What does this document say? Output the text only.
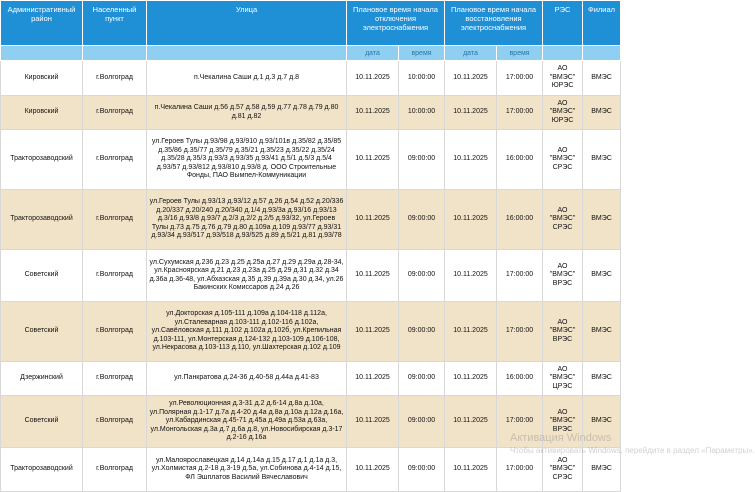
Административный район	Населенный пункт	Улица	Плановое время начала отключения электроснабжения		Плановое время начала восстановления электроснабжения		РЭС	Филиал
			дата	время	дата	время		
Кировский	г.Волгоград	п.Чекалина Саши д.1 д.3 д.7 д.8	10.11.2025	10:00:00	10.11.2025	17:00:00	АО "ВМЭС" ЮРЭС	ВМЭС
Кировский	г.Волгоград	п.Чекалина Саши д.56 д.57 д.58 д.59 д.77 д.78 д.79 д.80 д.81 д.82	10.11.2025	10:00:00	10.11.2025	17:00:00	АО "ВМЭС" ЮРЭС	ВМЭС
Тракторозаводский	г.Волгоград	ул.Героев Тулы д.93/98 д.93/910 д.93/101в д.35/82 д.35/85 д.35/86 д.35/77 д.35/79 д.35/21 д.35/23 д.35/22 д.35/24 д.35/28 д.35/3 д.93/3 д.93/35 д.93/41 д.5/1 д.5/3 д.5/4 д.93/57 д.93/812 д.93/810 д.93/8 д. ООО Строительные Фонды, ПАО Вымпел-Коммуникации	10.11.2025	09:00:00	10.11.2025	16:00:00	АО "ВМЭС" СРЭС	ВМЭС
Тракторозаводский	г.Волгоград	ул.Героев Тулы д.93/13 д.93/12 д.57 д.26 д.54 д.52 д.20/336 д.20/337 д.20/240 д.20/340 д.1/4 д.93/3а д.93/16 д.93/13 д.3/16 д.93/8 д.93/7 д.2/3 д.2/2 д.2/5 д.93/32, ул.Героев Тулы д.73 д.75 д.76 д.79 д.80 д.109а д.109 д.93/77 д.93/31 д.93/34 д.93/517 д.93/518 д.93/525 д.89 д.5/21 д.81 д.93/78	10.11.2025	09:00:00	10.11.2025	16:00:00	АО "ВМЭС" СРЭС	ВМЭС
Советский	г.Волгоград	ул.Сухумская д.236 д.23 д.25 д.25а д.27 д.29 д.29а д.28-34, ул.Красноярская д.21 д.23 д.23а д.25 д.29 д.31 д.32 д.34 д.36а д.36-48, ул.Абхазская д.35 д.39 д.39а д.30 д.34, ул.26 Бакинских Комиссаров д.24 д.26	10.11.2025	09:00:00	10.11.2025	17:00:00	АО "ВМЭС" ВРЭС	ВМЭС
Советский	г.Волгоград	ул.Докторская д.105-111 д.109а д.104-118 д.112а, ул.Сталеварная д.103-111 д.102-116 д.102а, ул.Савёловская д.111 д.102 д.102а д.102б, ул.Крепильная д.103-111, ул.Монтерская д.124-132 д.103-109 д.106-108, ул.Некрасова д.103-113 д.110, ул.Шахтерская д.102 д.109	10.11.2025	09:00:00	10.11.2025	17:00:00	АО "ВМЭС" ВРЭС	ВМЭС
Дзержинский	г.Волгоград	ул.Панкратова д.24-36 д.40-58 д.44а д.41-83	10.11.2025	09:00:00	10.11.2025	16:00:00	АО "ВМЭС" ЦРЭС	ВМЭС
Советский	г.Волгоград	ул.Революционная д.3-31 д.2 д.6-14 д.8а д.10а, ул.Полярная д.1-17 д.7а д.4-20 д.4а д.8а д.10а д.12а д.16а, ул.Кабардинская д.45-71 д.45а д.49а д.53а д.63а, ул.Монгольская д.3а д.7 д.6а д.8, ул.Новосибирская д.3-17 д.2-16 д.16а	10.11.2025	09:00:00	10.11.2025	17:00:00	АО "ВМЭС" ВРЭС	ВМЭС
Тракторозаводский	г.Волгоград	ул.Малоярославецкая д.14 д.14а д.15 д.17 д.1 д.1а д.3, ул.Холмистая д.2-18 д.3-19 д.5а, ул.Собинова д.4-14 д.15, ФЛ Эшплатов Василий Вячеславович	10.11.2025	09:00:00	10.11.2025	17:00:00	АО "ВМЭС" СРЭС	ВМЭС
Активация Windows
Чтобы активировать Windows, перейдите в раздел «Параметры».
